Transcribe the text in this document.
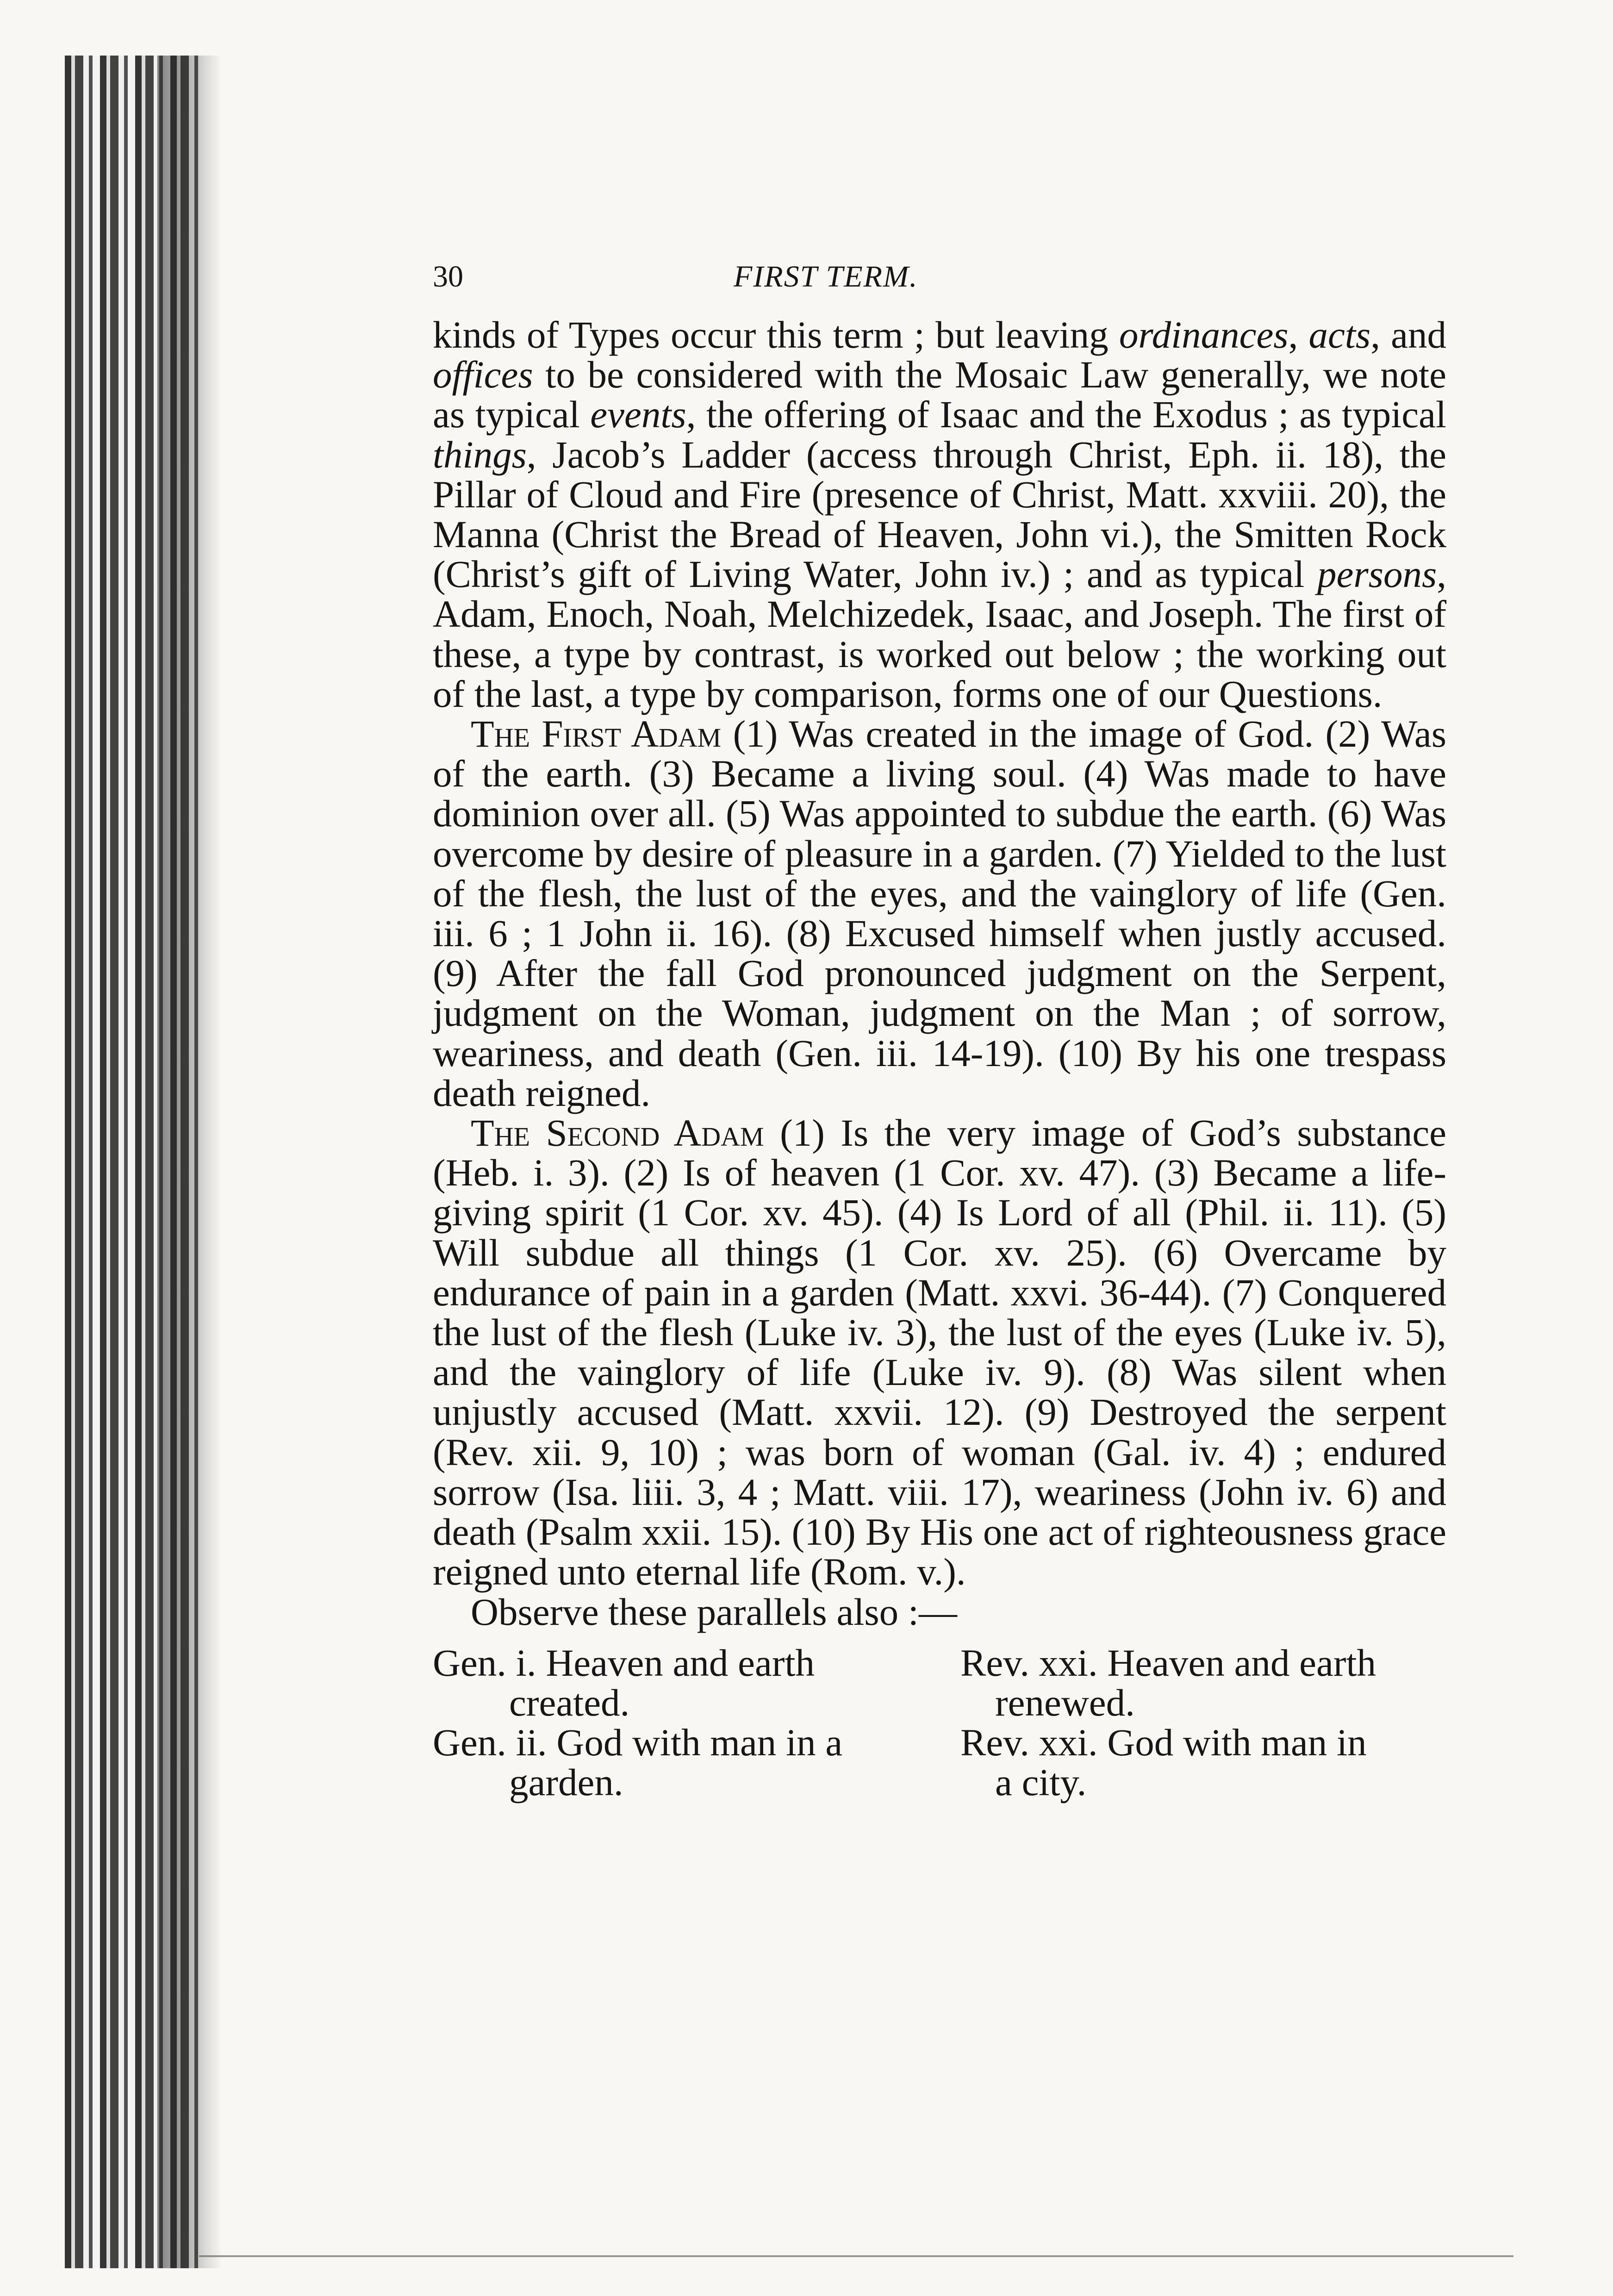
30	FIRST TERM.

kinds of Types occur this term ; but leaving ordinances, acts, and offices to be considered with the Mosaic Law generally, we note as typical events, the offering of Isaac and the Exodus ; as typical things, Jacob’s Ladder (access through Christ, Eph. ii. 18), the Pillar of Cloud and Fire (presence of Christ, Matt. xxviii. 20), the Manna (Christ the Bread of Heaven, John vi.), the Smitten Rock (Christ’s gift of Living Water, John iv.) ; and as typical persons, Adam, Enoch, Noah, Melchizedek, Isaac, and Joseph. The first of these, a type by contrast, is worked out below ; the working out of the last, a type by comparison, forms one of our Questions.

The First Adam (1) Was created in the image of God. (2) Was of the earth. (3) Became a living soul. (4) Was made to have dominion over all. (5) Was appointed to subdue the earth. (6) Was overcome by desire of pleasure in a garden. (7) Yielded to the lust of the flesh, the lust of the eyes, and the vainglory of life (Gen. iii. 6 ; 1 John ii. 16). (8) Excused himself when justly accused. (9) After the fall God pronounced judgment on the Serpent, judgment on the Woman, judgment on the Man ; of sorrow, weariness, and death (Gen. iii. 14-19). (10) By his one trespass death reigned.

The Second Adam (1) Is the very image of God’s substance (Heb. i. 3). (2) Is of heaven (1 Cor. xv. 47). (3) Became a life-giving spirit (1 Cor. xv. 45). (4) Is Lord of all (Phil. ii. 11). (5) Will subdue all things (1 Cor. xv. 25). (6) Overcame by endurance of pain in a garden (Matt. xxvi. 36-44). (7) Conquered the lust of the flesh (Luke iv. 3), the lust of the eyes (Luke iv. 5), and the vainglory of life (Luke iv. 9). (8) Was silent when unjustly accused (Matt. xxvii. 12). (9) Destroyed the serpent (Rev. xii. 9, 10) ; was born of woman (Gal. iv. 4) ; endured sorrow (Isa. liii. 3, 4 ; Matt. viii. 17), weariness (John iv. 6) and death (Psalm xxii. 15). (10) By His one act of righteousness grace reigned unto eternal life (Rom. v.).

Observe these parallels also :—

Gen. i. Heaven and earth
created.
Rev. xxi. Heaven and earth
renewed.
Gen. ii. God with man in a
garden.
Rev. xxi. God with man in
a city.
